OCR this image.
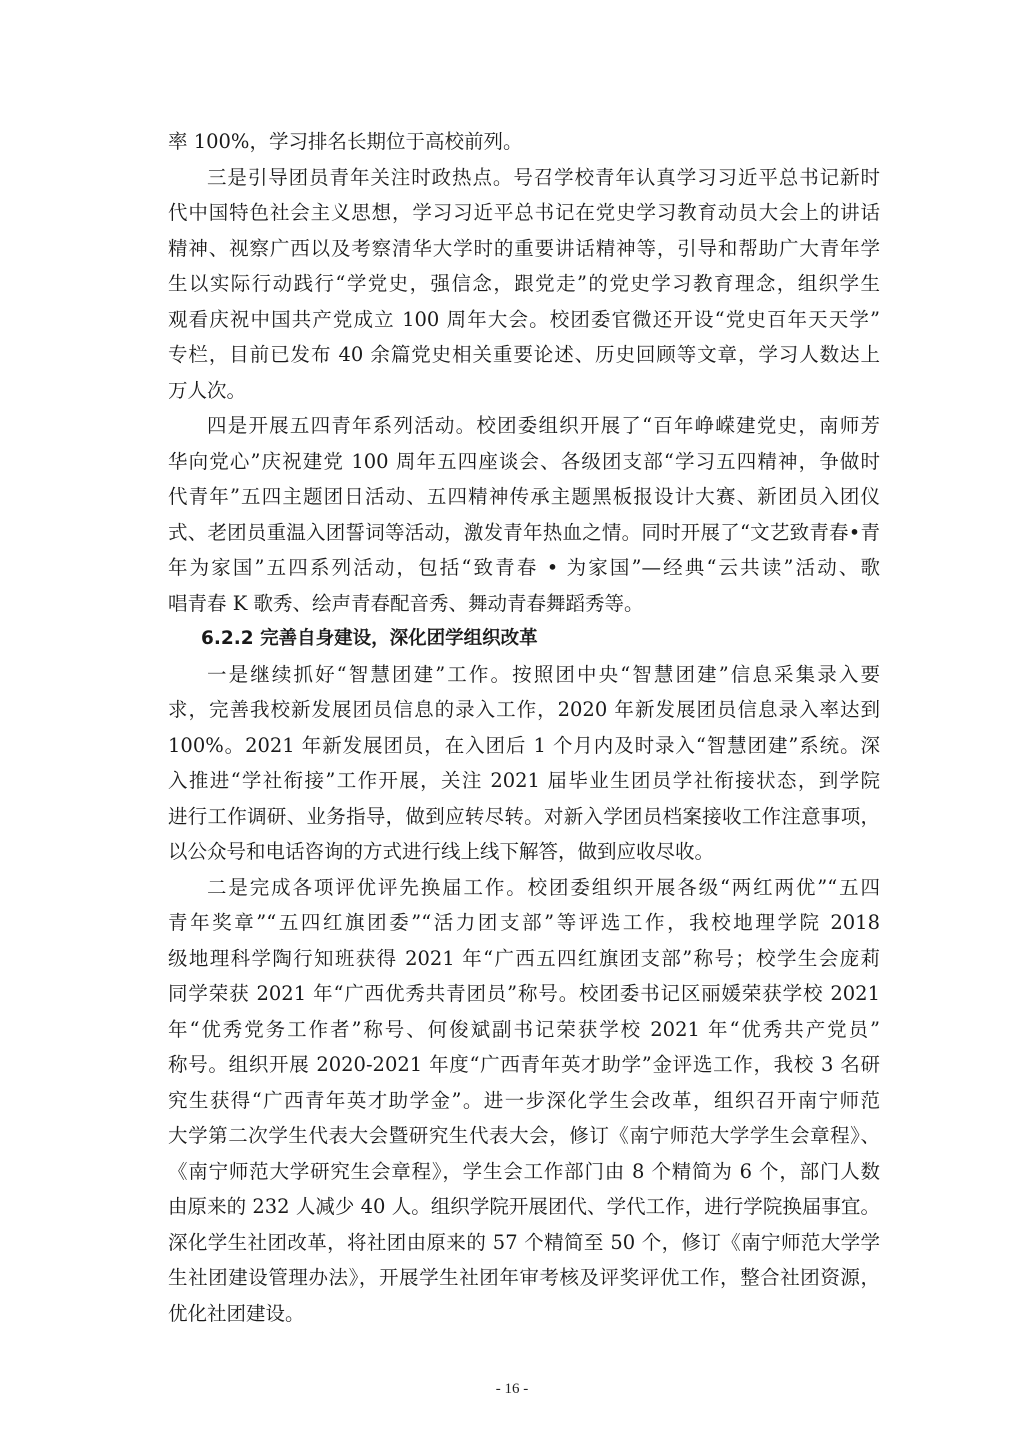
率 100%，学习排名长期位于高校前列。
三是引导团员青年关注时政热点。号召学校青年认真学习习近平总书记新时
代中国特色社会主义思想，学习习近平总书记在党史学习教育动员大会上的讲话
精神、视察广西以及考察清华大学时的重要讲话精神等，引导和帮助广大青年学
生以实际行动践行“学党史，强信念，跟党走”的党史学习教育理念，组织学生
观看庆祝中国共产党成立 100 周年大会。校团委官微还开设“党史百年天天学”
专栏，目前已发布 40 余篇党史相关重要论述、历史回顾等文章，学习人数达上
万人次。
四是开展五四青年系列活动。校团委组织开展了“百年峥嵘建党史，南师芳
华向党心”庆祝建党 100 周年五四座谈会、各级团支部“学习五四精神，争做时
代青年”五四主题团日活动、五四精神传承主题黑板报设计大赛、新团员入团仪
式、老团员重温入团誓词等活动，激发青年热血之情。同时开展了“文艺致青春•青
年为家国”五四系列活动，包括“致青春 • 为家国”—经典“云共读”活动、歌
唱青春 K 歌秀、绘声青春配音秀、舞动青春舞蹈秀等。
6.2.2 完善自身建设，深化团学组织改革
一是继续抓好“智慧团建”工作。按照团中央“智慧团建”信息采集录入要
求，完善我校新发展团员信息的录入工作，2020 年新发展团员信息录入率达到
100%。2021 年新发展团员，在入团后 1 个月内及时录入“智慧团建”系统。深
入推进“学社衔接”工作开展，关注 2021 届毕业生团员学社衔接状态，到学院
进行工作调研、业务指导，做到应转尽转。对新入学团员档案接收工作注意事项，
以公众号和电话咨询的方式进行线上线下解答，做到应收尽收。
二是完成各项评优评先换届工作。校团委组织开展各级“两红两优”“五四
青年奖章”“五四红旗团委”“活力团支部”等评选工作，我校地理学院 2018
级地理科学陶行知班获得 2021 年“广西五四红旗团支部”称号；校学生会庞莉
同学荣获 2021 年“广西优秀共青团员”称号。校团委书记区丽媛荣获学校 2021
年“优秀党务工作者”称号、何俊斌副书记荣获学校 2021 年“优秀共产党员”
称号。组织开展 2020-2021 年度“广西青年英才助学”金评选工作，我校 3 名研
究生获得“广西青年英才助学金”。进一步深化学生会改革，组织召开南宁师范
大学第二次学生代表大会暨研究生代表大会，修订《南宁师范大学学生会章程》、
《南宁师范大学研究生会章程》，学生会工作部门由 8 个精简为 6 个，部门人数
由原来的 232 人减少 40 人。组织学院开展团代、学代工作，进行学院换届事宜。
深化学生社团改革，将社团由原来的 57 个精简至 50 个，修订《南宁师范大学学
生社团建设管理办法》，开展学生社团年审考核及评奖评优工作，整合社团资源，
优化社团建设。
- 16 -
